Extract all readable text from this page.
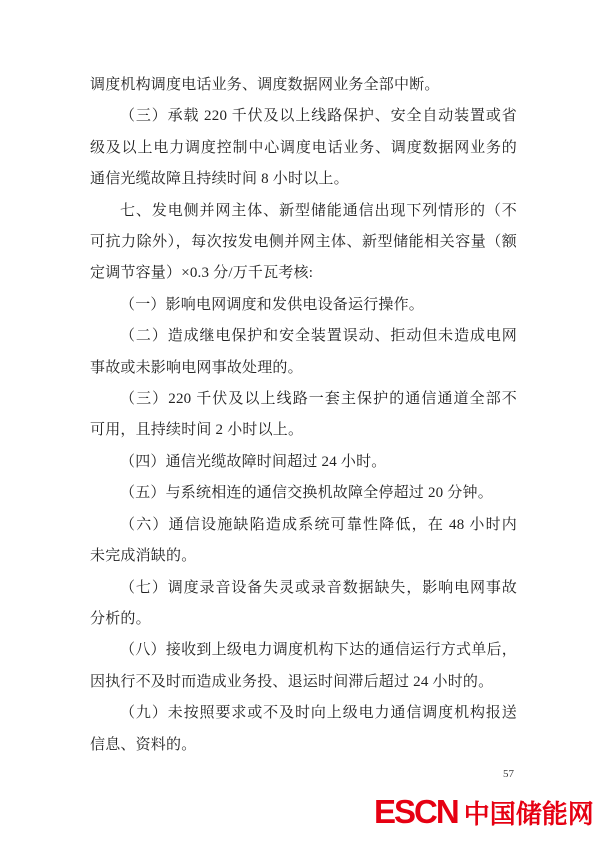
调度机构调度电话业务、调度数据网业务全部中断。
（三）承载 220 千伏及以上线路保护、安全自动装置或省
级及以上电力调度控制中心调度电话业务、调度数据网业务的
通信光缆故障且持续时间 8 小时以上。
七、发电侧并网主体、新型储能通信出现下列情形的（不
可抗力除外），每次按发电侧并网主体、新型储能相关容量（额
定调节容量）×0.3 分/万千瓦考核:
（一）影响电网调度和发供电设备运行操作。
（二）造成继电保护和安全装置误动、拒动但未造成电网
事故或未影响电网事故处理的。
（三）220 千伏及以上线路一套主保护的通信通道全部不
可用，且持续时间 2 小时以上。
（四）通信光缆故障时间超过 24 小时。
（五）与系统相连的通信交换机故障全停超过 20 分钟。
（六）通信设施缺陷造成系统可靠性降低，在 48 小时内
未完成消缺的。
（七）调度录音设备失灵或录音数据缺失，影响电网事故
分析的。
（八）接收到上级电力调度机构下达的通信运行方式单后，
因执行不及时而造成业务投、退运时间滞后超过 24 小时的。
（九）未按照要求或不及时向上级电力通信调度机构报送
信息、资料的。
57
ESCN 中国储能网
